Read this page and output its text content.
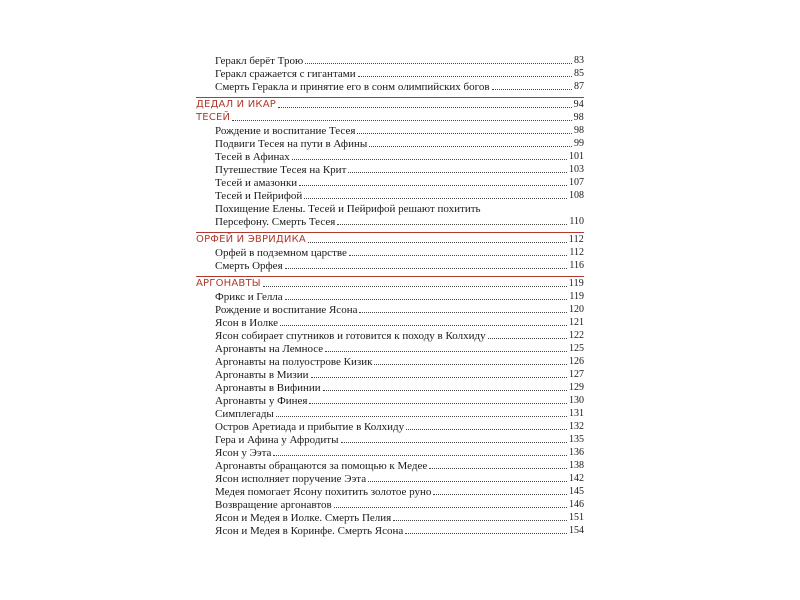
Геракл берёт Трою	83
Геракл сражается с гигантами	85
Смерть Геракла и принятие его в сонм олимпийских богов	87
ДЕДАЛ И ИКАР	94
ТЕСЕЙ	98
Рождение и воспитание Тесея	98
Подвиги Тесея на пути в Афины	99
Тесей в Афинах	101
Путешествие Тесея на Крит	103
Тесей и амазонки	107
Тесей и Пейрифой	108
Похищение Елены. Тесей и Пейрифой решают похитить
Персефону. Смерть Тесея	110
ОРФЕЙ И ЭВРИДИКА	112
Орфей в подземном царстве	112
Смерть Орфея	116
АРГОНАВТЫ	119
Фрикс и Гелла	119
Рождение и воспитание Ясона	120
Ясон в Иолке	121
Ясон собирает спутников и готовится к походу в Колхиду	122
Аргонавты на Лемносе	125
Аргонавты на полуострове Кизик	126
Аргонавты в Мизии	127
Аргонавты в Вифинии	129
Аргонавты у Финея	130
Симплегады	131
Остров Аретиада и прибытие в Колхиду	132
Гера и Афина у Афродиты	135
Ясон у Ээта	136
Аргонавты обращаются за помощью к Медее	138
Ясон исполняет поручение Ээта	142
Медея помогает Ясону похитить золотое руно	145
Возвращение аргонавтов	146
Ясон и Медея в Иолке. Смерть Пелия	151
Ясон и Медея в Коринфе. Смерть Ясона	154
